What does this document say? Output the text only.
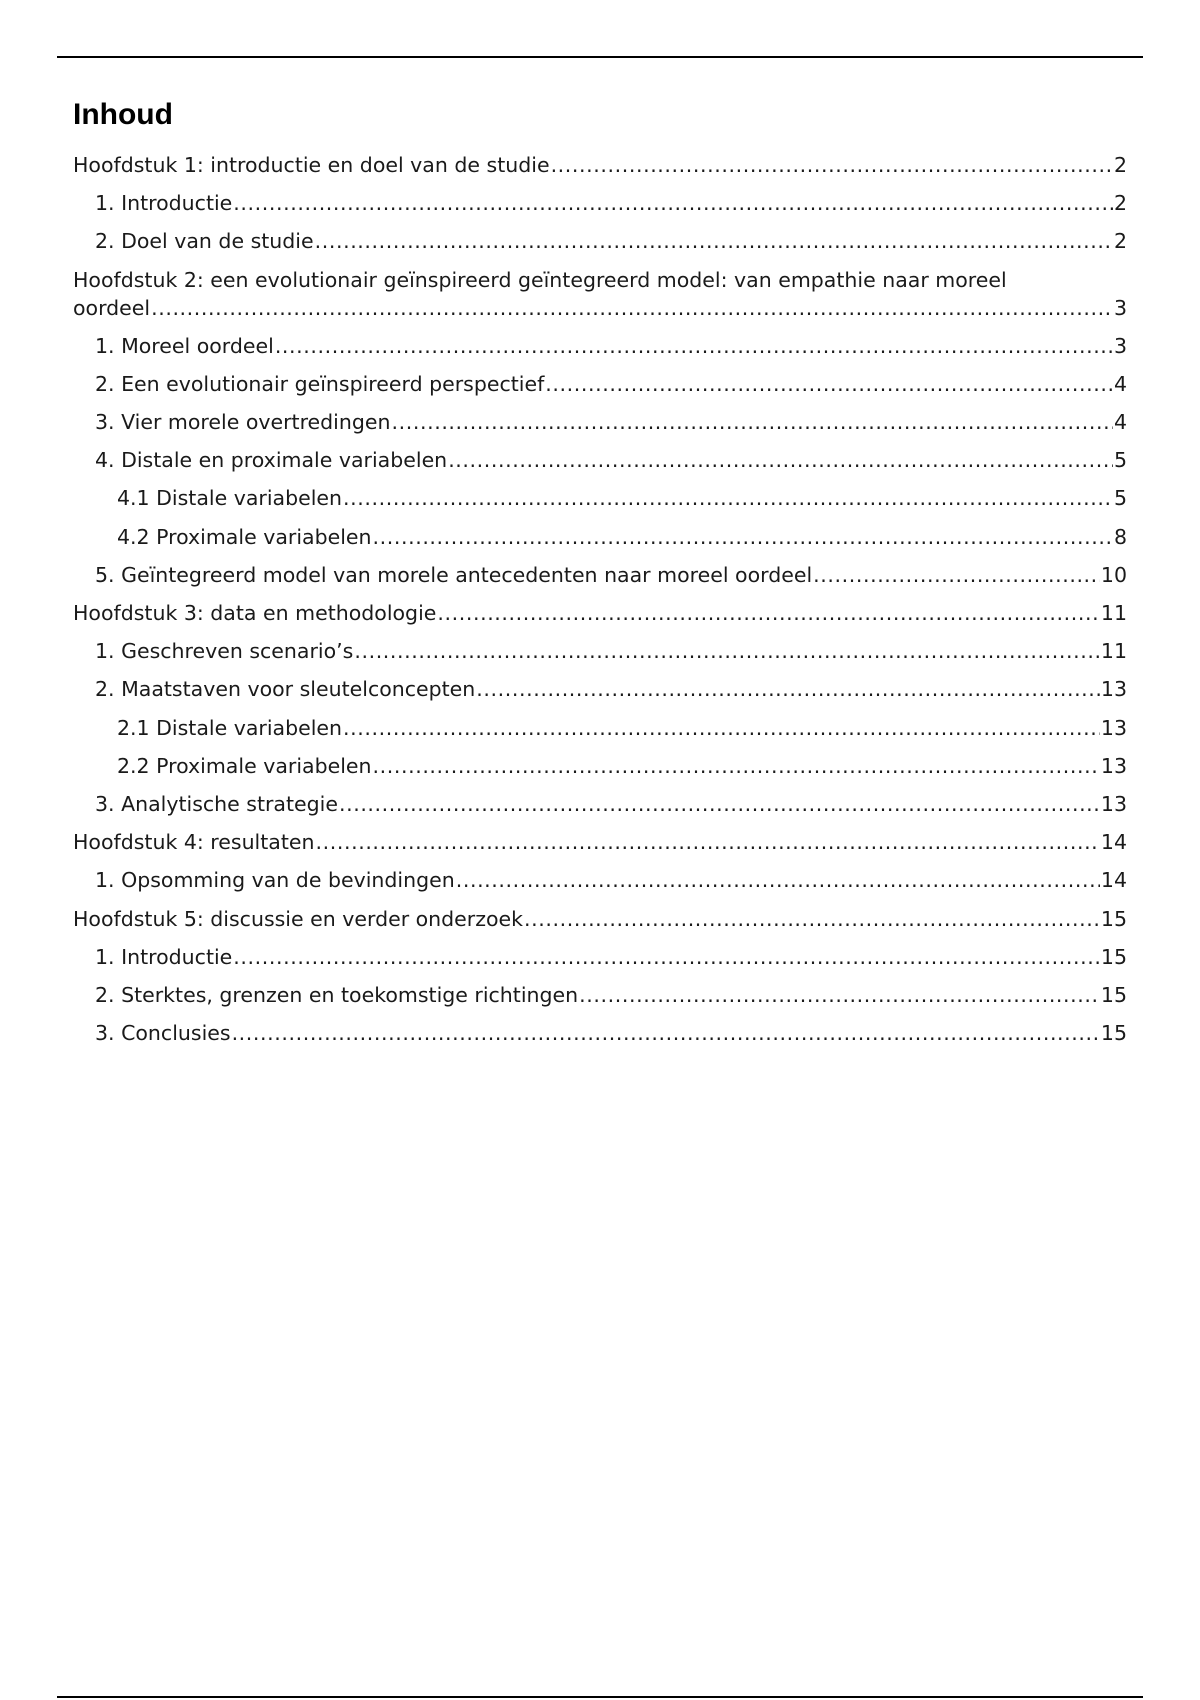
Inhoud
Hoofdstuk 1: introductie en doel van de studie .....	2
1. Introductie .....	2
2. Doel van de studie .....	2
Hoofdstuk 2: een evolutionair geïnspireerd geïntegreerd model: van empathie naar moreel
oordeel .....	3
1. Moreel oordeel .....	3
2. Een evolutionair geïnspireerd perspectief .....	4
3. Vier morele overtredingen .....	4
4. Distale en proximale variabelen .....	5
4.1 Distale variabelen .....	5
4.2 Proximale variabelen .....	8
5. Geïntegreerd model van morele antecedenten naar moreel oordeel .....	10
Hoofdstuk 3: data en methodologie .....	11
1. Geschreven scenario’s .....	11
2. Maatstaven voor sleutelconcepten .....	13
2.1 Distale variabelen .....	13
2.2 Proximale variabelen .....	13
3. Analytische strategie .....	13
Hoofdstuk 4: resultaten .....	14
1. Opsomming van de bevindingen .....	14
Hoofdstuk 5: discussie en verder onderzoek .....	15
1. Introductie .....	15
2. Sterktes, grenzen en toekomstige richtingen .....	15
3. Conclusies .....	15
